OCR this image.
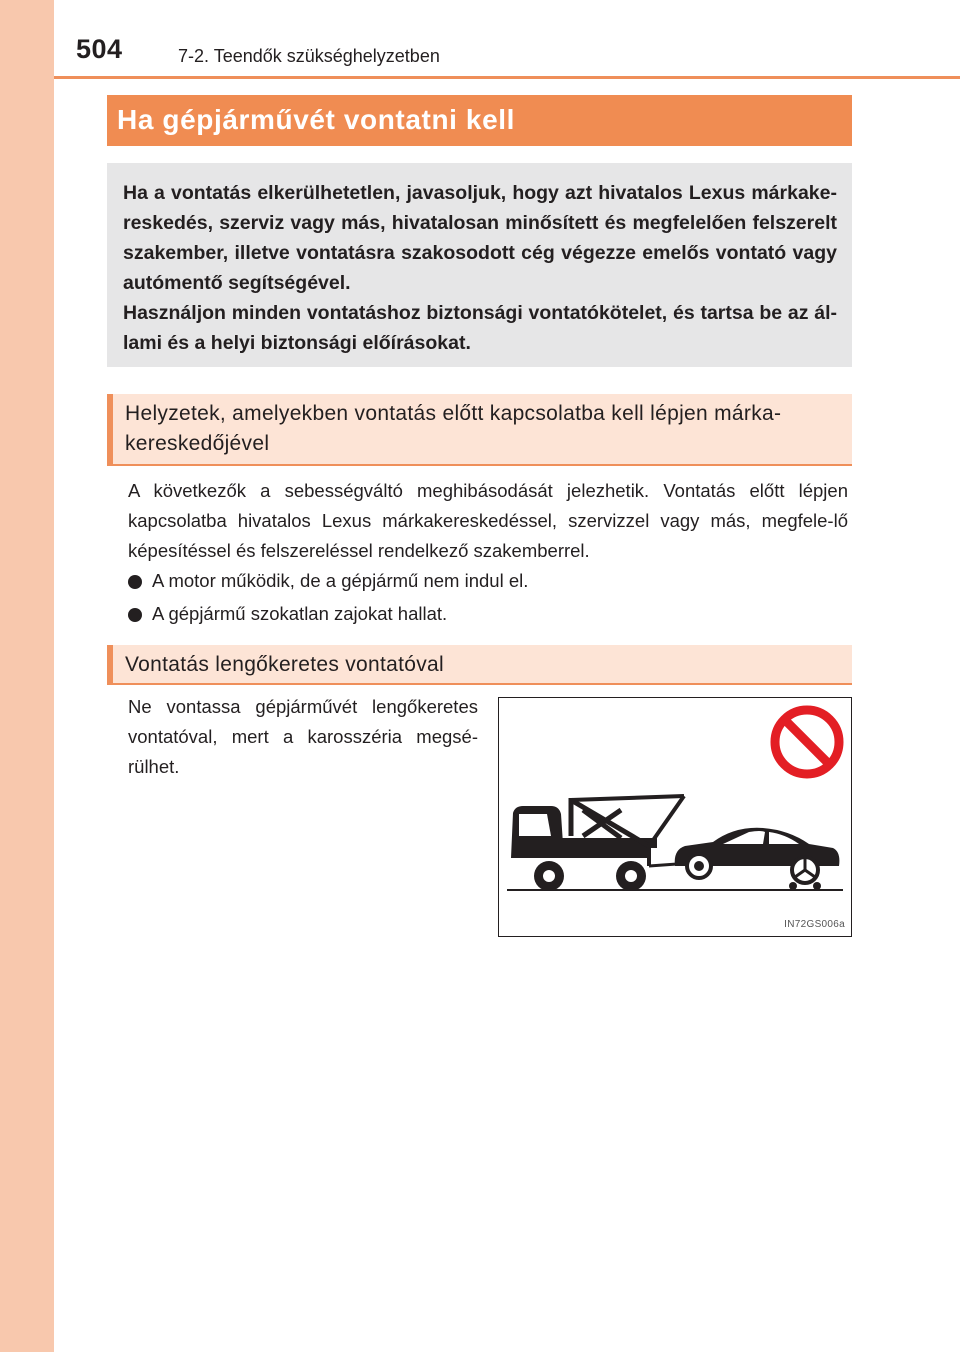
504	7-2. Teendők szükséghelyzetben
Ha gépjárművét vontatni kell

Ha a vontatás elkerülhetetlen, javasoljuk, hogy azt hivatalos Lexus márkake-reskedés, szerviz vagy más, hivatalosan minősített és megfelelően felszerelt szakember, illetve vontatásra szakosodott cég végezze emelős vontató vagy autómentő segítségével.

Használjon minden vontatáshoz biztonsági vontatókötelet, és tartsa be az ál-lami és a helyi biztonsági előírásokat.

Helyzetek, amelyekben vontatás előtt kapcsolatba kell lépjen márka-kereskedőjével
A következők a sebességváltó meghibásodását jelezhetik. Vontatás előtt lépjen kapcsolatba hivatalos Lexus márkakereskedéssel, szervizzel vagy más, megfele-lő képesítéssel és felszereléssel rendelkező szakemberrel.
A motor működik, de a gépjármű nem indul el.
A gépjármű szokatlan zajokat hallat.
Vontatás lengőkeretes vontatóval
Ne vontassa gépjárművét lengőkeretes vontatóval, mert a karosszéria megsé-rülhet.
IN72GS006a
